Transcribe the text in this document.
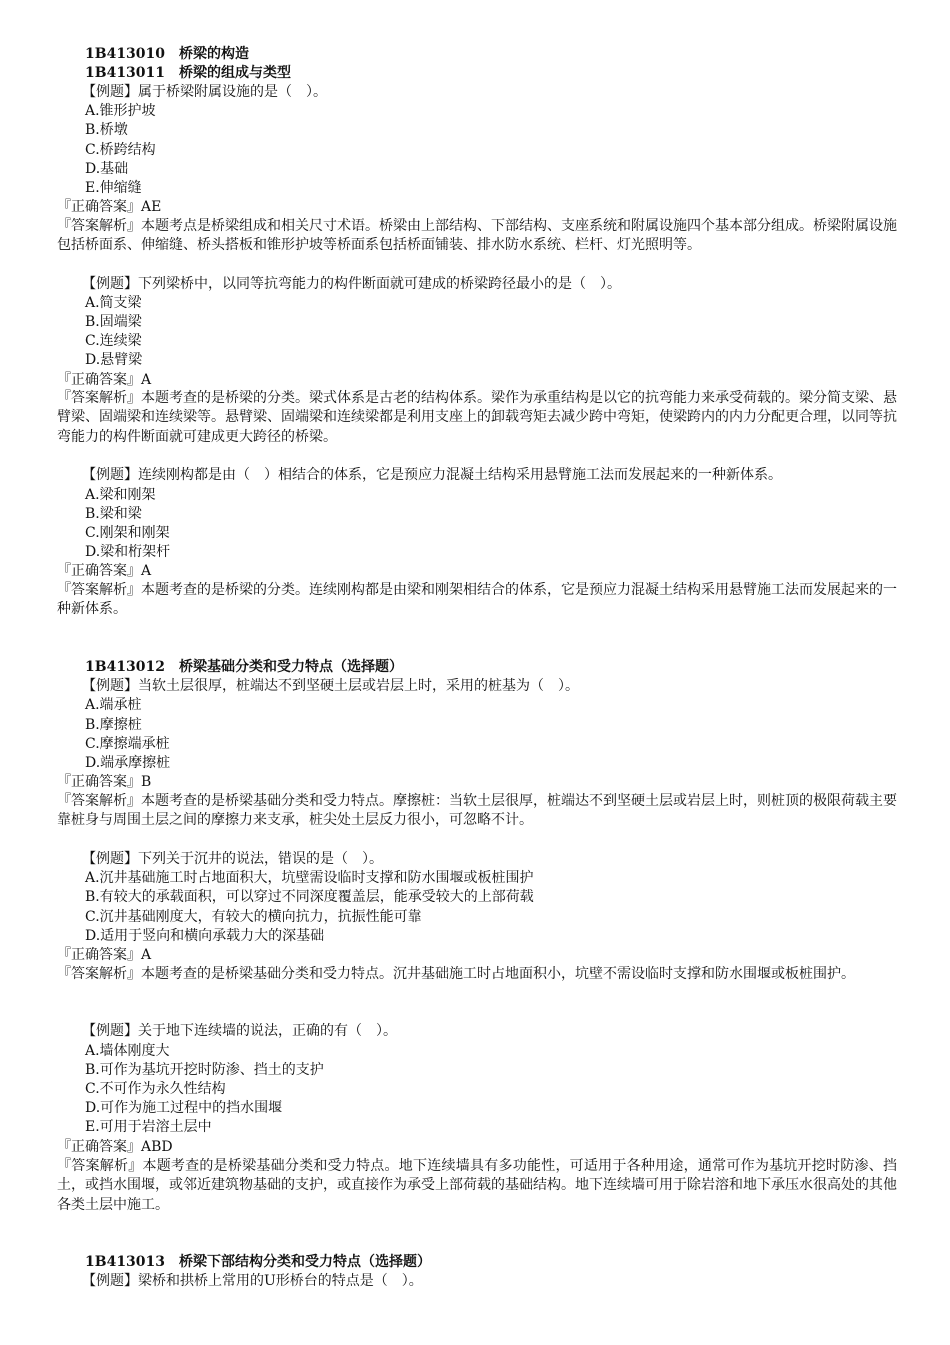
1B413010　桥梁的构造
1B413011　桥梁的组成与类型
【例题】属于桥梁附属设施的是（　）。
A.锥形护坡
B.桥墩
C.桥跨结构
D.基础
E.伸缩缝
『正确答案』AE
『答案解析』本题考点是桥梁组成和相关尺寸术语。桥梁由上部结构、下部结构、支座系统和附属设施四个基本部分组成。桥梁附属设施包括桥面系、伸缩缝、桥头搭板和锥形护坡等桥面系包括桥面铺装、排水防水系统、栏杆、灯光照明等。
【例题】下列梁桥中，以同等抗弯能力的构件断面就可建成的桥梁跨径最小的是（　）。
A.简支梁
B.固端梁
C.连续梁
D.悬臂梁
『正确答案』A
『答案解析』本题考查的是桥梁的分类。梁式体系是古老的结构体系。梁作为承重结构是以它的抗弯能力来承受荷载的。梁分简支梁、悬臂梁、固端梁和连续梁等。悬臂梁、固端梁和连续梁都是利用支座上的卸载弯矩去减少跨中弯矩，使梁跨内的内力分配更合理，以同等抗弯能力的构件断面就可建成更大跨径的桥梁。
【例题】连续刚构都是由（　）相结合的体系，它是预应力混凝土结构采用悬臂施工法而发展起来的一种新体系。
A.梁和刚架
B.梁和梁
C.刚架和刚架
D.梁和桁架杆
『正确答案』A
『答案解析』本题考查的是桥梁的分类。连续刚构都是由梁和刚架相结合的体系，它是预应力混凝土结构采用悬臂施工法而发展起来的一种新体系。
1B413012　桥梁基础分类和受力特点（选择题）
【例题】当软土层很厚，桩端达不到坚硬土层或岩层上时，采用的桩基为（　）。
A.端承桩
B.摩擦桩
C.摩擦端承桩
D.端承摩擦桩
『正确答案』B
『答案解析』本题考查的是桥梁基础分类和受力特点。摩擦桩：当软土层很厚，桩端达不到坚硬土层或岩层上时，则桩顶的极限荷载主要靠桩身与周围土层之间的摩擦力来支承，桩尖处土层反力很小，可忽略不计。
【例题】下列关于沉井的说法，错误的是（　）。
A.沉井基础施工时占地面积大，坑壁需设临时支撑和防水围堰或板桩围护
B.有较大的承载面积，可以穿过不同深度覆盖层，能承受较大的上部荷载
C.沉井基础刚度大，有较大的横向抗力，抗振性能可靠
D.适用于竖向和横向承载力大的深基础
『正确答案』A
『答案解析』本题考查的是桥梁基础分类和受力特点。沉井基础施工时占地面积小，坑壁不需设临时支撑和防水围堰或板桩围护。
【例题】关于地下连续墙的说法，正确的有（　）。
A.墙体刚度大
B.可作为基坑开挖时防渗、挡土的支护
C.不可作为永久性结构
D.可作为施工过程中的挡水围堰
E.可用于岩溶土层中
『正确答案』ABD
『答案解析』本题考查的是桥梁基础分类和受力特点。地下连续墙具有多功能性，可适用于各种用途，通常可作为基坑开挖时防渗、挡土，或挡水围堰，或邻近建筑物基础的支护，或直接作为承受上部荷载的基础结构。地下连续墙可用于除岩溶和地下承压水很高处的其他各类土层中施工。
1B413013　桥梁下部结构分类和受力特点（选择题）
【例题】梁桥和拱桥上常用的U形桥台的特点是（　）。
